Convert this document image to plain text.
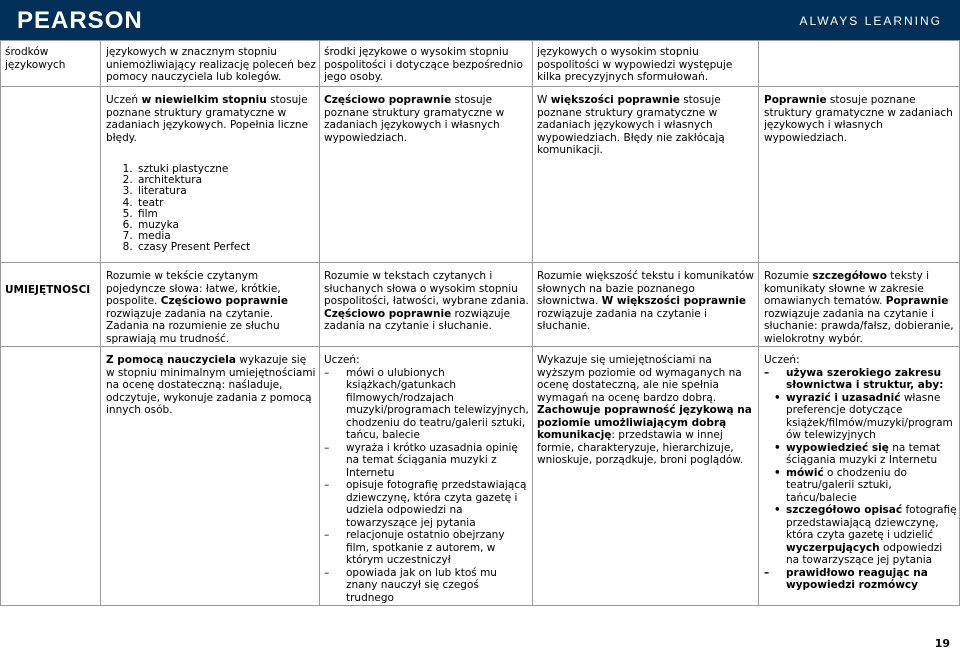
PEARSON	ALWAYS LEARNING
środków językowych
językowych w znacznym stopniu uniemożliwiający realizację poleceń bez pomocy nauczyciela lub kolegów.
środki językowe o wysokim stopniu pospolitości i dotyczące bezpośrednio jego osoby.
językowych o wysokim stopniu pospolitości w wypowiedzi występuje kilka precyzyjnych sformułowań.
Uczeń w niewielkim stopniu stosuje poznane struktury gramatyczne w zadaniach językowych. Popełnia liczne błędy.
Częściowo poprawnie stosuje poznane struktury gramatyczne w zadaniach językowych i własnych wypowiedziach.
W większości poprawnie stosuje poznane struktury gramatyczne w zadaniach językowych i własnych wypowiedziach. Błędy nie zakłócają komunikacji.
Poprawnie stosuje poznane struktury gramatyczne w zadaniach językowych i własnych wypowiedziach.
1. sztuki plastyczne
2. architektura
3. literatura
4. teatr
5. film
6. muzyka
7. media
8. czasy Present Perfect
UMIEJĘTNOŚCI
Rozumie w tekście czytanym pojedyncze słowa: łatwe, krótkie, pospolite. Częściowo poprawnie rozwiązuje zadania na czytanie. Zadania na rozumienie ze słuchu sprawiają mu trudność.
Rozumie w tekstach czytanych i słuchanych słowa o wysokim stopniu pospolitości, łatwości, wybrane zdania. Częściowo poprawnie rozwiązuje zadania na czytanie i słuchanie.
Rozumie większość tekstu i komunikatów słownych na bazie poznanego słownictwa. W większości poprawnie rozwiązuje zadania na czytanie i słuchanie.
Rozumie szczegółowo teksty i komunikaty słowne w zakresie omawianych tematów. Poprawnie rozwiązuje zadania na czytanie i słuchanie: prawda/fałsz, dobieranie, wielokrotny wybór.
Z pomocą nauczyciela wykazuje się w stopniu minimalnym umiejętnościami na ocenę dostateczną: naśladuje, odczytuje, wykonuje zadania z pomocą innych osób.
Uczeń:
– mówi o ulubionych książkach/gatunkach filmowych/rodzajach muzyki/programach telewizyjnych, chodzeniu do teatru/galerii sztuki, tańcu, balecie
– wyraża i krótko uzasadnia opinię na temat ściągania muzyki z Internetu
– opisuje fotografię przedstawiającą dziewczynę, która czyta gazetę i udziela odpowiedzi na towarzyszące jej pytania
– relacjonuje ostatnio obejrzany film, spotkanie z autorem, w którym uczestniczył
– opowiada jak on lub ktoś mu znany nauczył się czegoś trudnego
Wykazuje się umiejętnościami na wyższym poziomie od wymaganych na ocenę dostateczną, ale nie spełnia wymagań na ocenę bardzo dobrą. Zachowuje poprawność językową na poziomie umożliwiającym dobrą komunikację: przedstawia w innej formie, charakteryzuje, hierarchizuje, wnioskuje, porządkuje, broni poglądów.
Uczeń:
– używa szerokiego zakresu słownictwa i struktur, aby:
• wyrazić i uzasadnić własne preferencje dotyczące książek/filmów/muzyki/program ów telewizyjnych
• wypowiedzieć się na temat ściągania muzyki z Internetu
• mówić o chodzeniu do teatru/galerii sztuki, tańcu/balecie
• szczegółowo opisać fotografię przedstawiającą dziewczynę, która czyta gazetę i udzielić wyczerpujących odpowiedzi na towarzyszące jej pytania
– prawidłowo reagując na wypowiedzi rozmówcy
19
